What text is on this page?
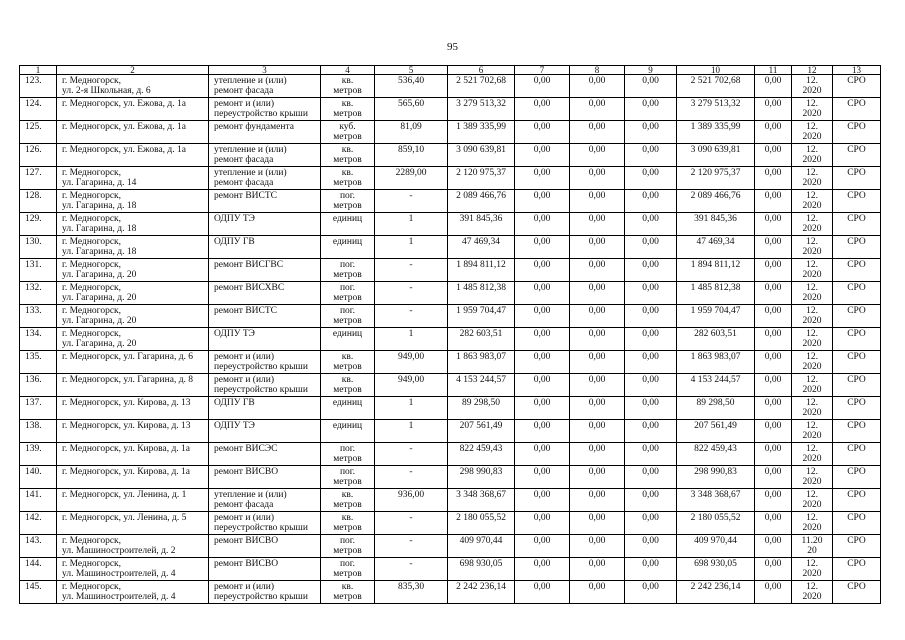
95
1	2	3	4	5	6	7	8	9	10	11	12	13
123.	г. Медногорск,
ул. 2-я Школьная, д. 6	утепление и (или)
ремонт фасада	кв.
метров	536,40	2 521 702,68	0,00	0,00	0,00	2 521 702,68	0,00	12.
2020	СРО
124.	г. Медногорск, ул. Ежова, д. 1а	ремонт и (или)
переустройство крыши	кв.
метров	565,60	3 279 513,32	0,00	0,00	0,00	3 279 513,32	0,00	12.
2020	СРО
125.	г. Медногорск, ул. Ежова, д. 1а	ремонт фундамента	куб.
метров	81,09	1 389 335,99	0,00	0,00	0,00	1 389 335,99	0,00	12.
2020	СРО
126.	г. Медногорск, ул. Ежова, д. 1а	утепление и (или)
ремонт фасада	кв.
метров	859,10	3 090 639,81	0,00	0,00	0,00	3 090 639,81	0,00	12.
2020	СРО
127.	г. Медногорск,
ул. Гагарина, д. 14	утепление и (или)
ремонт фасада	кв.
метров	2289,00	2 120 975,37	0,00	0,00	0,00	2 120 975,37	0,00	12.
2020	СРО
128.	г. Медногорск,
ул. Гагарина, д. 18	ремонт ВИСТС	пог.
метров	-	2 089 466,76	0,00	0,00	0,00	2 089 466,76	0,00	12.
2020	СРО
129.	г. Медногорск,
ул. Гагарина, д. 18	ОДПУ ТЭ	единиц	1	391 845,36	0,00	0,00	0,00	391 845,36	0,00	12.
2020	СРО
130.	г. Медногорск,
ул. Гагарина, д. 18	ОДПУ ГВ	единиц	1	47 469,34	0,00	0,00	0,00	47 469,34	0,00	12.
2020	СРО
131.	г. Медногорск,
ул. Гагарина, д. 20	ремонт ВИСГВС	пог.
метров	-	1 894 811,12	0,00	0,00	0,00	1 894 811,12	0,00	12.
2020	СРО
132.	г. Медногорск,
ул. Гагарина, д. 20	ремонт ВИСХВС	пог.
метров	-	1 485 812,38	0,00	0,00	0,00	1 485 812,38	0,00	12.
2020	СРО
133.	г. Медногорск,
ул. Гагарина, д. 20	ремонт ВИСТС	пог.
метров	-	1 959 704,47	0,00	0,00	0,00	1 959 704,47	0,00	12.
2020	СРО
134.	г. Медногорск,
ул. Гагарина, д. 20	ОДПУ ТЭ	единиц	1	282 603,51	0,00	0,00	0,00	282 603,51	0,00	12.
2020	СРО
135.	г. Медногорск, ул. Гагарина, д. 6	ремонт и (или)
переустройство крыши	кв.
метров	949,00	1 863 983,07	0,00	0,00	0,00	1 863 983,07	0,00	12.
2020	СРО
136.	г. Медногорск, ул. Гагарина, д. 8	ремонт и (или)
переустройство крыши	кв.
метров	949,00	4 153 244,57	0,00	0,00	0,00	4 153 244,57	0,00	12.
2020	СРО
137.	г. Медногорск, ул. Кирова, д. 13	ОДПУ ГВ	единиц	1	89 298,50	0,00	0,00	0,00	89 298,50	0,00	12.
2020	СРО
138.	г. Медногорск, ул. Кирова, д. 13	ОДПУ ТЭ	единиц	1	207 561,49	0,00	0,00	0,00	207 561,49	0,00	12.
2020	СРО
139.	г. Медногорск, ул. Кирова, д. 1а	ремонт ВИСЭС	пог.
метров	-	822 459,43	0,00	0,00	0,00	822 459,43	0,00	12.
2020	СРО
140.	г. Медногорск, ул. Кирова, д. 1а	ремонт ВИСВО	пог.
метров	-	298 990,83	0,00	0,00	0,00	298 990,83	0,00	12.
2020	СРО
141.	г. Медногорск, ул. Ленина, д. 1	утепление и (или)
ремонт фасада	кв.
метров	936,00	3 348 368,67	0,00	0,00	0,00	3 348 368,67	0,00	12.
2020	СРО
142.	г. Медногорск, ул. Ленина, д. 5	ремонт и (или)
переустройство крыши	кв.
метров	-	2 180 055,52	0,00	0,00	0,00	2 180 055,52	0,00	12.
2020	СРО
143.	г. Медногорск,
ул. Машиностроителей, д. 2	ремонт ВИСВО	пог.
метров	-	409 970,44	0,00	0,00	0,00	409 970,44	0,00	11.20
20	СРО
144.	г. Медногорск,
ул. Машиностроителей, д. 4	ремонт ВИСВО	пог.
метров	-	698 930,05	0,00	0,00	0,00	698 930,05	0,00	12.
2020	СРО
145.	г. Медногорск,
ул. Машиностроителей, д. 4	ремонт и (или)
переустройство крыши	кв.
метров	835,30	2 242 236,14	0,00	0,00	0,00	2 242 236,14	0,00	12.
2020	СРО
